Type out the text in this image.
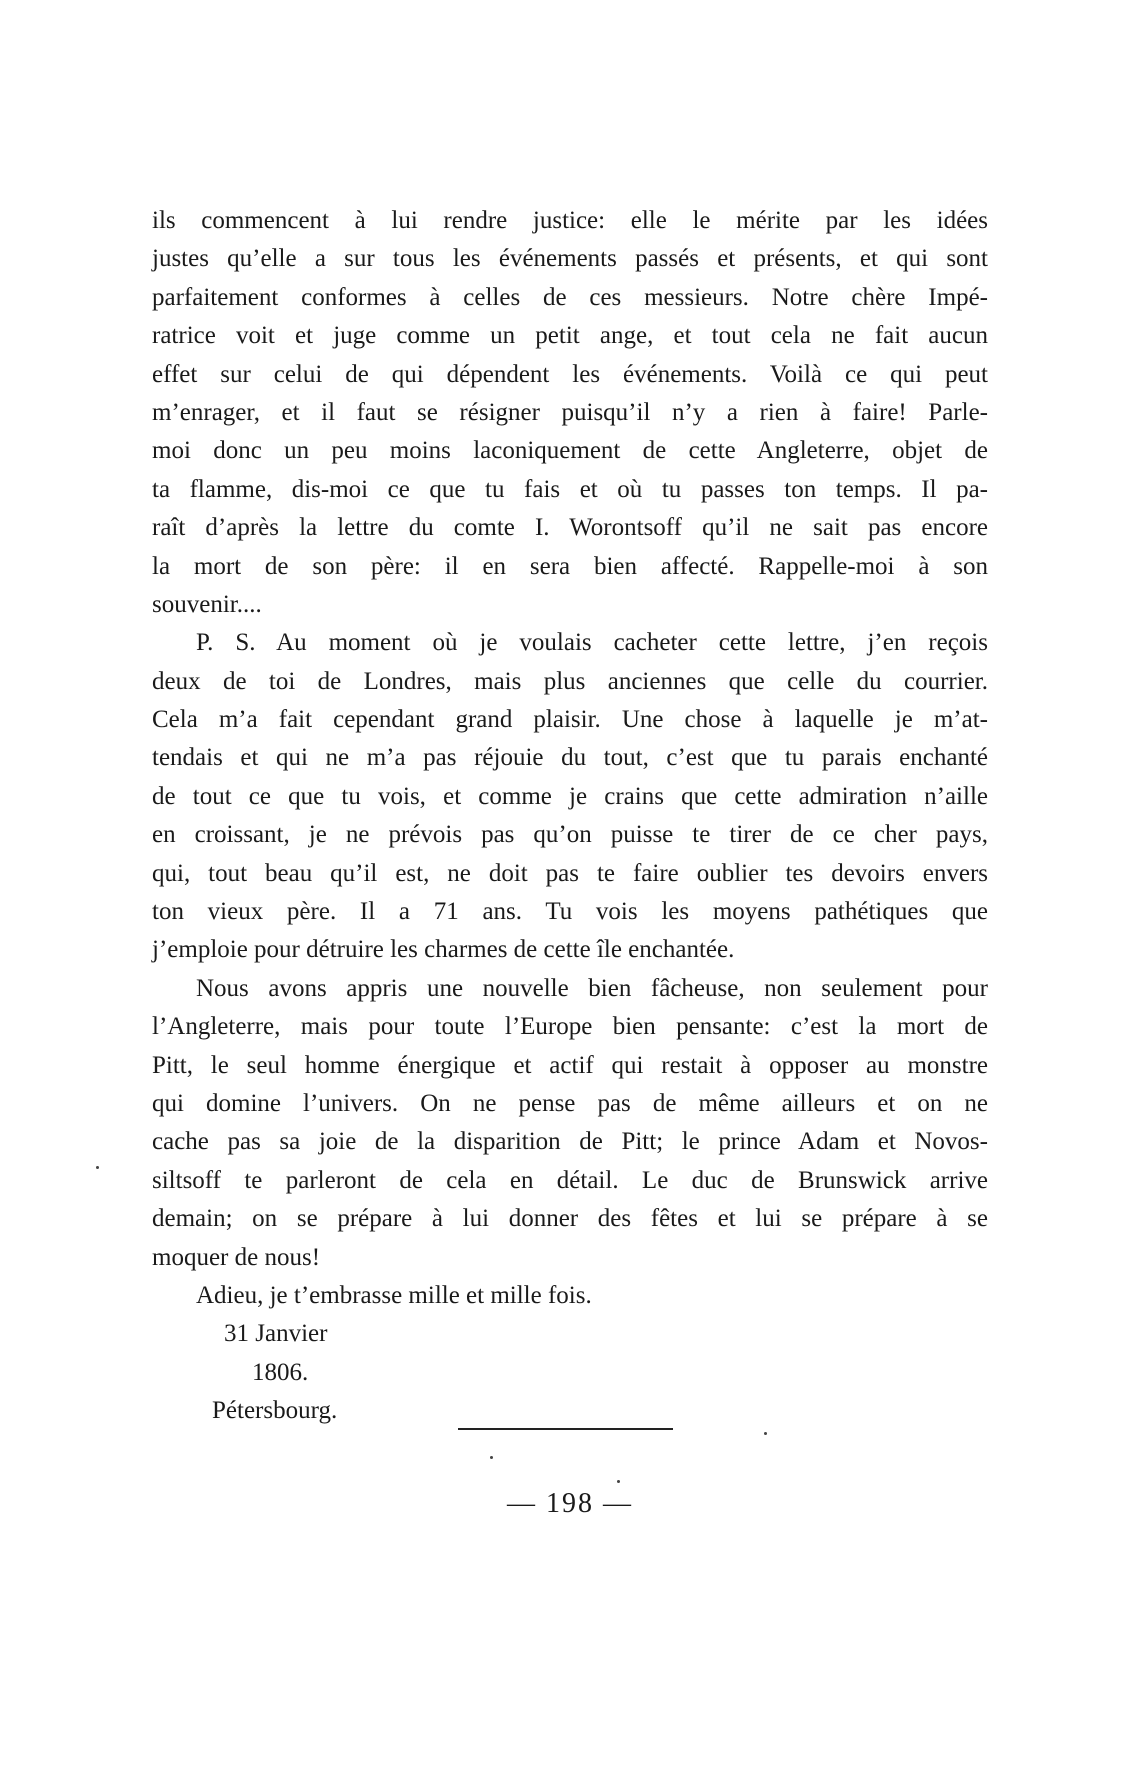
ils commencent à lui rendre justice: elle le mérite par les idées
justes qu’elle a sur tous les événements passés et présents, et qui sont
parfaitement conformes à celles de ces messieurs. Notre chère Impé-
ratrice voit et juge comme un petit ange, et tout cela ne fait aucun
effet sur celui de qui dépendent les événements. Voilà ce qui peut
m’enrager, et il faut se résigner puisqu’il n’y a rien à faire! Parle-
moi donc un peu moins laconiquement de cette Angleterre, objet de
ta flamme, dis-moi ce que tu fais et où tu passes ton temps. Il pa-
raît d’après la lettre du comte I. Worontsoff qu’il ne sait pas encore
la mort de son père: il en sera bien affecté. Rappelle-moi à son
souvenir....
P. S. Au moment où je voulais cacheter cette lettre, j’en reçois
deux de toi de Londres, mais plus anciennes que celle du courrier.
Cela m’a fait cependant grand plaisir. Une chose à laquelle je m’at-
tendais et qui ne m’a pas réjouie du tout, c’est que tu parais enchanté
de tout ce que tu vois, et comme je crains que cette admiration n’aille
en croissant, je ne prévois pas qu’on puisse te tirer de ce cher pays,
qui, tout beau qu’il est, ne doit pas te faire oublier tes devoirs envers
ton vieux père. Il a 71 ans. Tu vois les moyens pathétiques que
j’emploie pour détruire les charmes de cette île enchantée.
Nous avons appris une nouvelle bien fâcheuse, non seulement pour
l’Angleterre, mais pour toute l’Europe bien pensante: c’est la mort de
Pitt, le seul homme énergique et actif qui restait à opposer au monstre
qui domine l’univers. On ne pense pas de même ailleurs et on ne
cache pas sa joie de la disparition de Pitt; le prince Adam et Novos-
siltsoff te parleront de cela en détail. Le duc de Brunswick arrive
demain; on se prépare à lui donner des fêtes et lui se prépare à se
moquer de nous!
Adieu, je t’embrasse mille et mille fois.
31 Janvier
1806.
Pétersbourg.
— 198 —
